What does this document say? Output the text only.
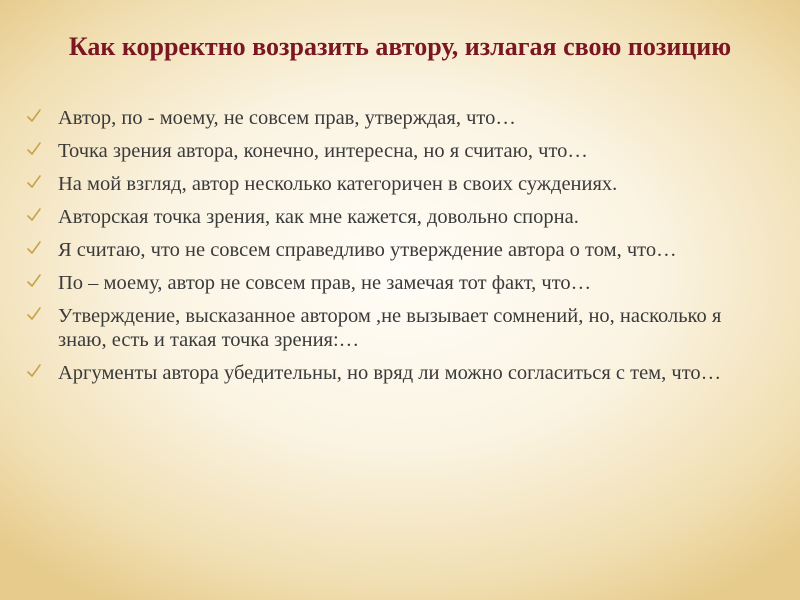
Как корректно возразить автору, излагая свою позицию
Автор, по - моему, не совсем прав, утверждая, что…
Точка зрения автора, конечно, интересна, но я считаю, что…
На мой взгляд, автор несколько категоричен в своих суждениях.
Авторская точка зрения, как мне кажется, довольно спорна.
Я считаю, что не совсем справедливо утверждение автора о том, что…
По – моему, автор не совсем прав, не замечая тот факт, что…
Утверждение, высказанное автором ,не вызывает сомнений, но, насколько я знаю, есть и такая точка зрения:…
Аргументы автора убедительны, но вряд ли можно согласиться с тем, что…
